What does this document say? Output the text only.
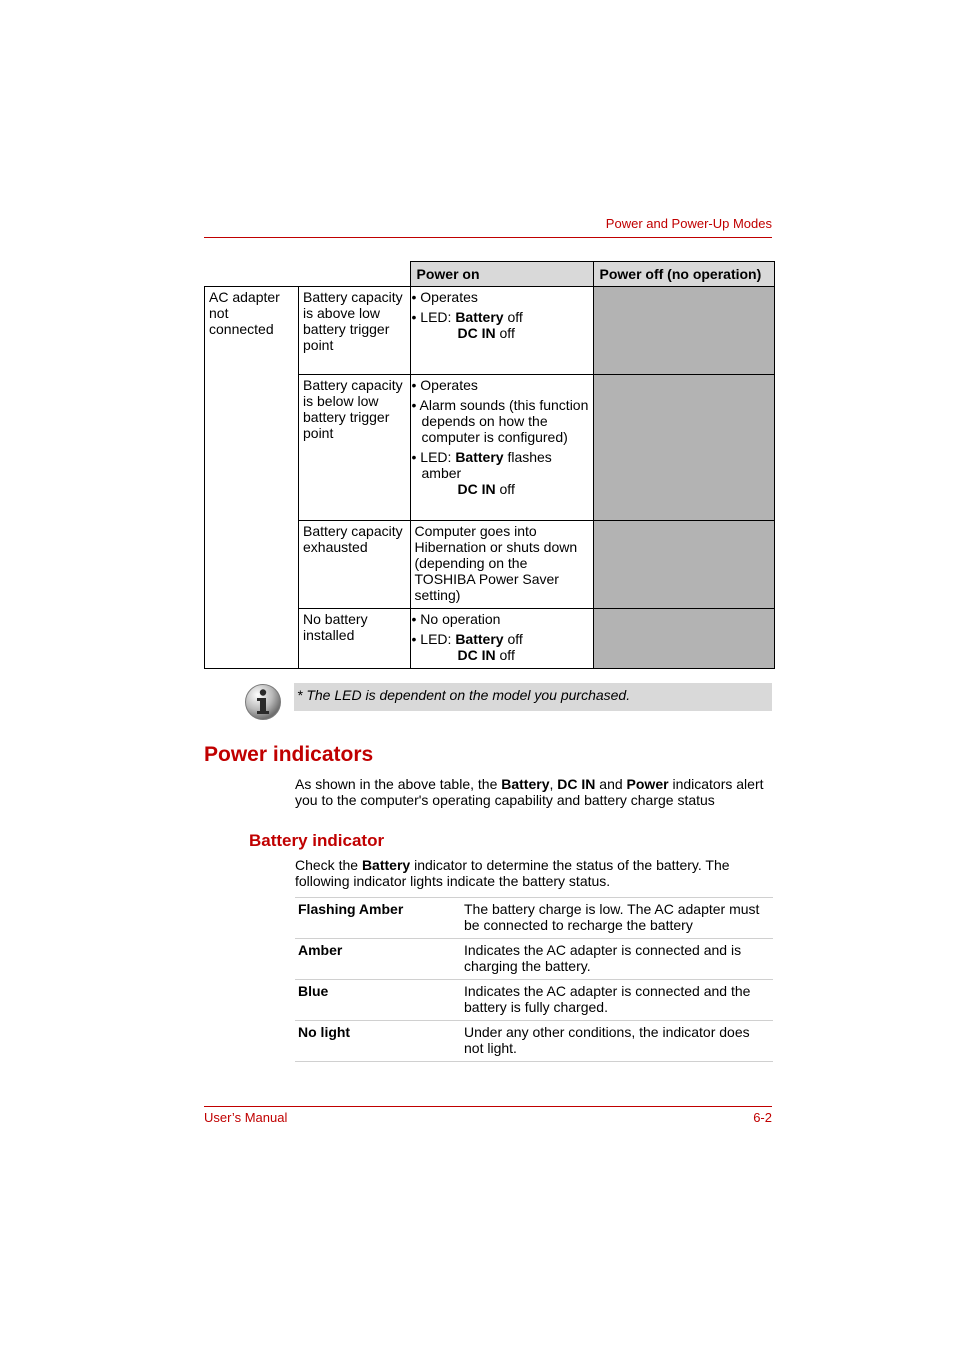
Power and Power-Up Modes
		Power on	Power off (no operation)
AC adapter not connected	Battery capacity is above low battery trigger point	• Operates
• LED: Battery off
DC IN off	

	Battery capacity is below low battery trigger point	• Operates
• Alarm sounds (this function depends on how the computer is configured)
• LED: Battery flashes amber
DC IN off	

	Battery capacity exhausted	Computer goes into Hibernation or shuts down (depending on the TOSHIBA Power Saver setting)	
	No battery installed	• No operation
• LED: Battery off
DC IN off	

* The LED is dependent on the model you purchased.
Power indicators
As shown in the above table, the Battery, DC IN and Power indicators alert you to the computer's operating capability and battery charge status
Battery indicator
Check the Battery indicator to determine the status of the battery. The following indicator lights indicate the battery status.
Flashing Amber	The battery charge is low. The AC adapter must be connected to recharge the battery
Amber	Indicates the AC adapter is connected and is charging the battery.
Blue	Indicates the AC adapter is connected and the battery is fully charged.
No light	Under any other conditions, the indicator does not light.
User’s Manual	6-2
